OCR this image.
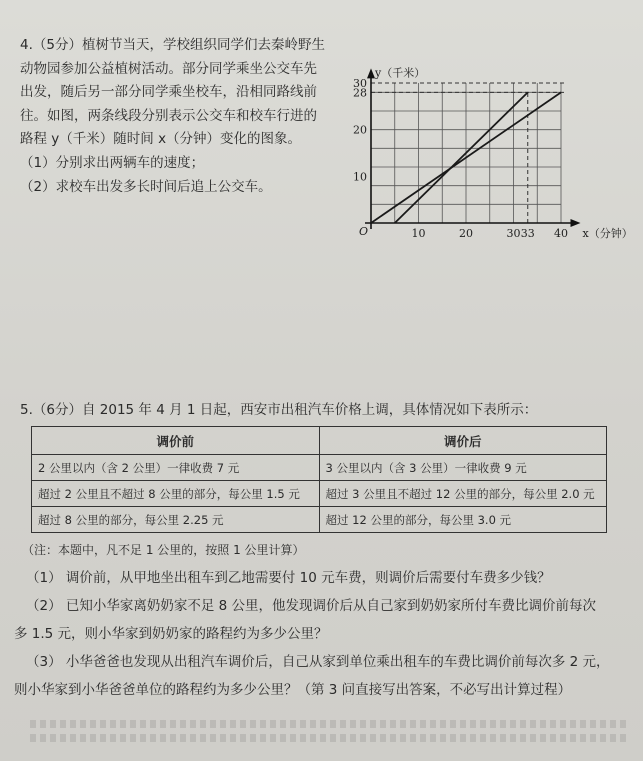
4.（5分）植树节当天，学校组织同学们去秦岭野生

动物园参加公益植树活动。部分同学乘坐公交车先

出发，随后另一部分同学乘坐校车，沿相同路线前

往。如图，两条线段分别表示公交车和校车行进的

路程 y（千米）随时间 x（分钟）变化的图象。

（1）分别求出两辆车的速度；

（2）求校车出发多长时间后追上公交车。

10	20	30 33 40
10
20
28
30
y（千米）
x（分钟）
O

5.（6分）自 2015 年 4 月 1 日起，西安市出租汽车价格上调，具体情况如下表所示：

调价前	调价后
2 公里以内（含 2 公里）一律收费 7 元	3 公里以内（含 3 公里）一律收费 9 元
超过 2 公里且不超过 8 公里的部分，每公里 1.5 元	超过 3 公里且不超过 12 公里的部分，每公里 2.0 元
超过 8 公里的部分，每公里 2.25 元	超过 12 公里的部分，每公里 3.0 元

（注：本题中，凡不足 1 公里的，按照 1 公里计算）

（1） 调价前，从甲地坐出租车到乙地需要付 10 元车费，则调价后需要付车费多少钱？

（2） 已知小华家离奶奶家不足 8 公里，他发现调价后从自己家到奶奶家所付车费比调价前每次

多 1.5 元，则小华家到奶奶家的路程约为多少公里？

（3） 小华爸爸也发现从出租汽车调价后，自己从家到单位乘出租车的车费比调价前每次多 2 元，

则小华家到小华爸爸单位的路程约为多少公里？（第 3 问直接写出答案，不必写出计算过程）
